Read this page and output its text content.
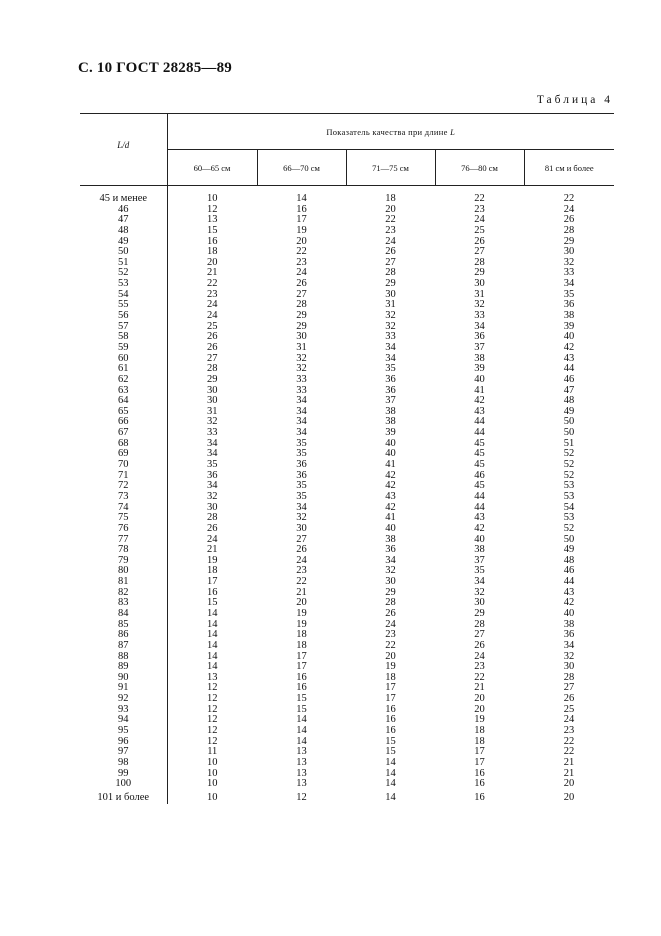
С. 10 ГОСТ 28285—89
Таблица 4
L/d	Показатель качества при длине L				
	60—65 см	66—70 см	71—75 см	76—80 см	81 см и более
45 и менее	10	14	18	22	22
46	12	16	20	23	24
47	13	17	22	24	26
48	15	19	23	25	28
49	16	20	24	26	29
50	18	22	26	27	30
51	20	23	27	28	32
52	21	24	28	29	33
53	22	26	29	30	34
54	23	27	30	31	35
55	24	28	31	32	36
56	24	29	32	33	38
57	25	29	32	34	39
58	26	30	33	36	40
59	26	31	34	37	42
60	27	32	34	38	43
61	28	32	35	39	44
62	29	33	36	40	46
63	30	33	36	41	47
64	30	34	37	42	48
65	31	34	38	43	49
66	32	34	38	44	50
67	33	34	39	44	50
68	34	35	40	45	51
69	34	35	40	45	52
70	35	36	41	45	52
71	36	36	42	46	52
72	34	35	42	45	53
73	32	35	43	44	53
74	30	34	42	44	54
75	28	32	41	43	53
76	26	30	40	42	52
77	24	27	38	40	50
78	21	26	36	38	49
79	19	24	34	37	48
80	18	23	32	35	46
81	17	22	30	34	44
82	16	21	29	32	43
83	15	20	28	30	42
84	14	19	26	29	40
85	14	19	24	28	38
86	14	18	23	27	36
87	14	18	22	26	34
88	14	17	20	24	32
89	14	17	19	23	30
90	13	16	18	22	28
91	12	16	17	21	27
92	12	15	17	20	26
93	12	15	16	20	25
94	12	14	16	19	24
95	12	14	16	18	23
96	12	14	15	18	22
97	11	13	15	17	22
98	10	13	14	17	21
99	10	13	14	16	21
100	10	13	14	16	20
101 и более	10	12	14	16	20
